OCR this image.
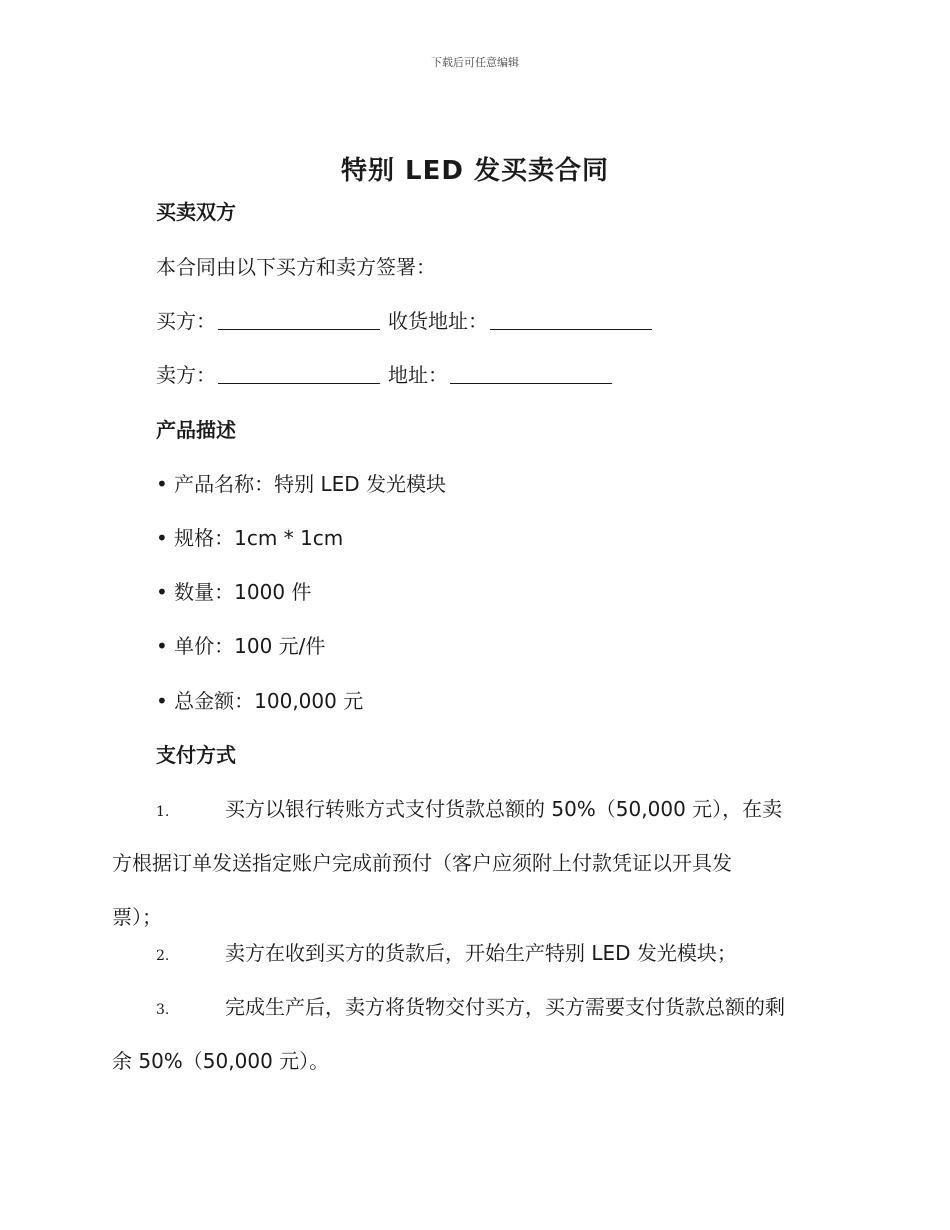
下载后可任意编辑
特别 LED 发买卖合同
买卖双方
本合同由以下买方和卖方签署：
买方：	收货地址：
卖方：	地址：
产品描述
• 产品名称：特别 LED 发光模块
• 规格：1cm * 1cm
• 数量：1000 件
• 单价：100 元/件
• 总金额：100,000 元
支付方式
1.	买方以银行转账方式支付货款总额的 50%（50,000 元），在卖
方根据订单发送指定账户完成前预付（客户应须附上付款凭证以开具发
票）；
2.	卖方在收到买方的货款后，开始生产特别 LED 发光模块；
3.	完成生产后，卖方将货物交付买方，买方需要支付货款总额的剩
余 50%（50,000 元）。
